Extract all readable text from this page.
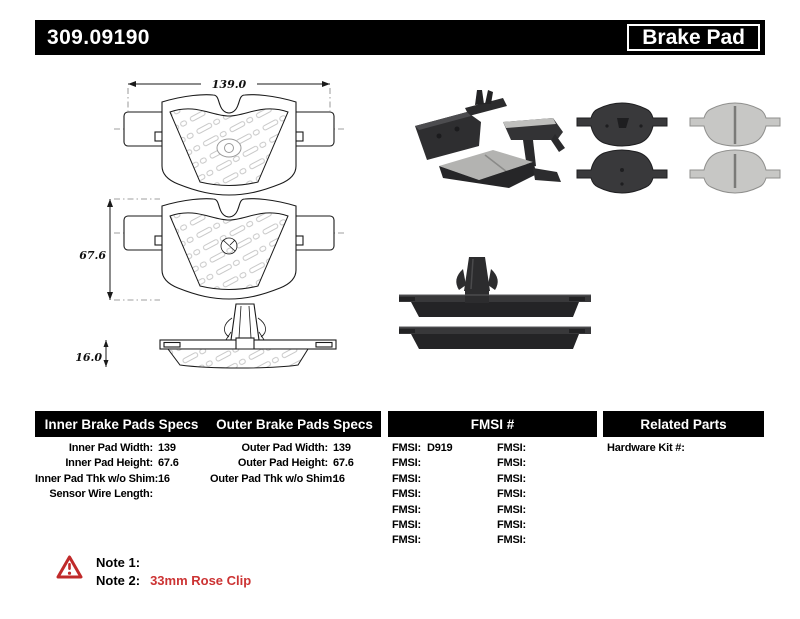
309.09190	Brake Pad
139.0
67.6
16.0
Inner Brake Pads Specs	Outer Brake Pads Specs	FMSI #	Related Parts
Inner Pad Width: 139
Inner Pad Height: 67.6
Inner Pad Thk w/o Shim: 16
Sensor Wire Length:
Outer Pad Width: 139
Outer Pad Height: 67.6
Outer Pad Thk w/o Shim:
16
FMSI: D919
FMSI:
FMSI:
FMSI:
FMSI:
FMSI:
FMSI:
FMSI:
FMSI:
FMSI:
FMSI:
FMSI:
FMSI:
FMSI:
Hardware Kit #:
Note 1:
Note 2: 33mm Rose Clip
